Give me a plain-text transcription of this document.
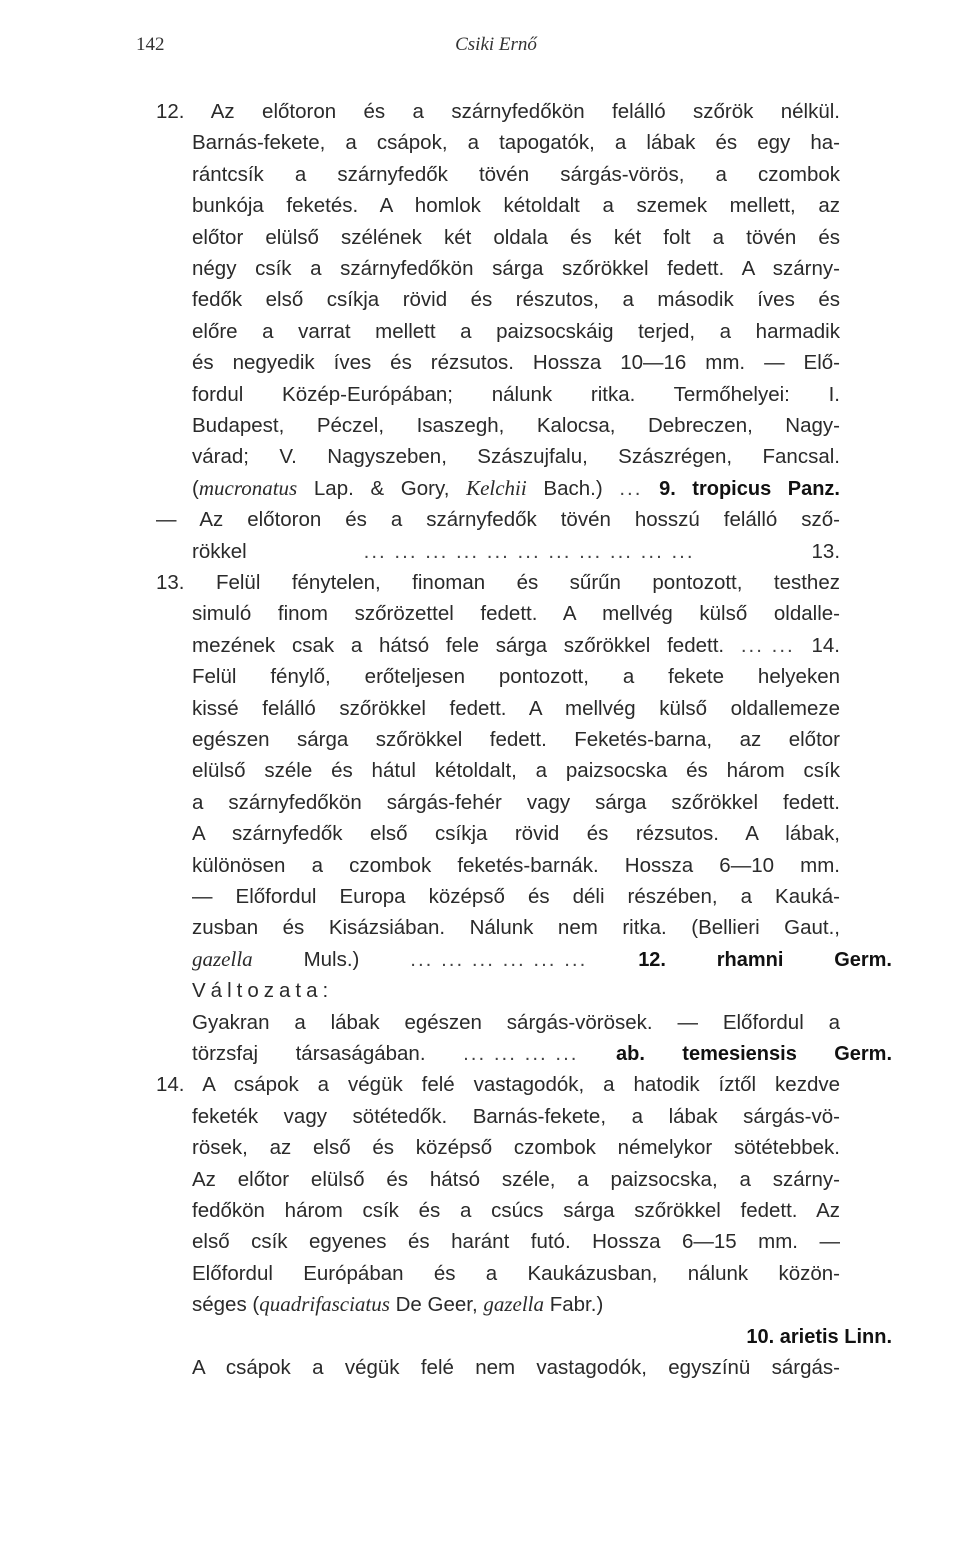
142	Csiki Ernő
12. Az előtoron és a szárnyfedőkön felálló szőrök nélkül.
Barnás-fekete, a csápok, a tapogatók, a lábak és egy ha-
rántcsík a szárnyfedők tövén sárgás-vörös, a czombok
bunkója feketés. A homlok kétoldalt a szemek mellett, az
előtor elülső szélének két oldala és két folt a tövén és
négy csík a szárnyfedőkön sárga szőrökkel fedett. A szárny-
fedők első csíkja rövid és részutos, a második íves és
előre a varrat mellett a paizsocskáig terjed, a harmadik
és negyedik íves és rézsutos. Hossza 10—16 mm. — Elő-
fordul Közép-Európában; nálunk ritka. Termőhelyei: I.
Budapest, Péczel, Isaszegh, Kalocsa, Debreczen, Nagy-
várad; V. Nagyszeben, Szászujfalu, Szászrégen, Fancsal.
(mucronatus Lap. & Gory, Kelchii Bach.) ... 9. tropicus Panz.
— Az előtoron és a szárnyfedők tövén hosszú felálló sző-
rökkel	... ... ... ... ... ... ... ... ... ... ...	13.
13. Felül fénytelen, finoman és sűrűn pontozott, testhez
simuló finom szőrözettel fedett. A mellvég külső oldalle-
mezének csak a hátsó fele sárga szőrökkel fedett. ... ... 14.
Felül fénylő, erőteljesen pontozott, a fekete helyeken
kissé felálló szőrökkel fedett. A mellvég külső oldallemeze
egészen sárga szőrökkel fedett. Feketés-barna, az előtor
elülső széle és hátul kétoldalt, a paizsocska és három csík
a szárnyfedőkön sárgás-fehér vagy sárga szőrökkel fedett.
A szárnyfedők első csíkja rövid és rézsutos. A lábak,
különösen a czombok feketés-barnák. Hossza 6—10 mm.
— Előfordul Europa középső és déli részében, a Kauká-
zusban és Kisázsiában. Nálunk nem ritka. (Bellieri Gaut.,
gazella Muls.) ... ... ... ... ... ...	12. rhamni Germ.
Változata:
Gyakran a lábak egészen sárgás-vörösek. — Előfordul a
törzsfaj társaságában. ... ... ... ... ab. temesiensis Germ.
14. A csápok a végük felé vastagodók, a hatodik íztől kezdve
feketék vagy sötétedők. Barnás-fekete, a lábak sárgás-vö-
rösek, az első és középső czombok némelykor sötétebbek.
Az előtor elülső és hátsó széle, a paizsocska, a szárny-
fedőkön három csík és a csúcs sárga szőrökkel fedett. Az
első csík egyenes és haránt futó. Hossza 6—15 mm. —
Előfordul Európában és a Kaukázusban, nálunk közön-
séges (quadrifasciatus De Geer, gazella Fabr.)
10. arietis Linn.
A csápok a végük felé nem vastagodók, egyszínü sárgás-
